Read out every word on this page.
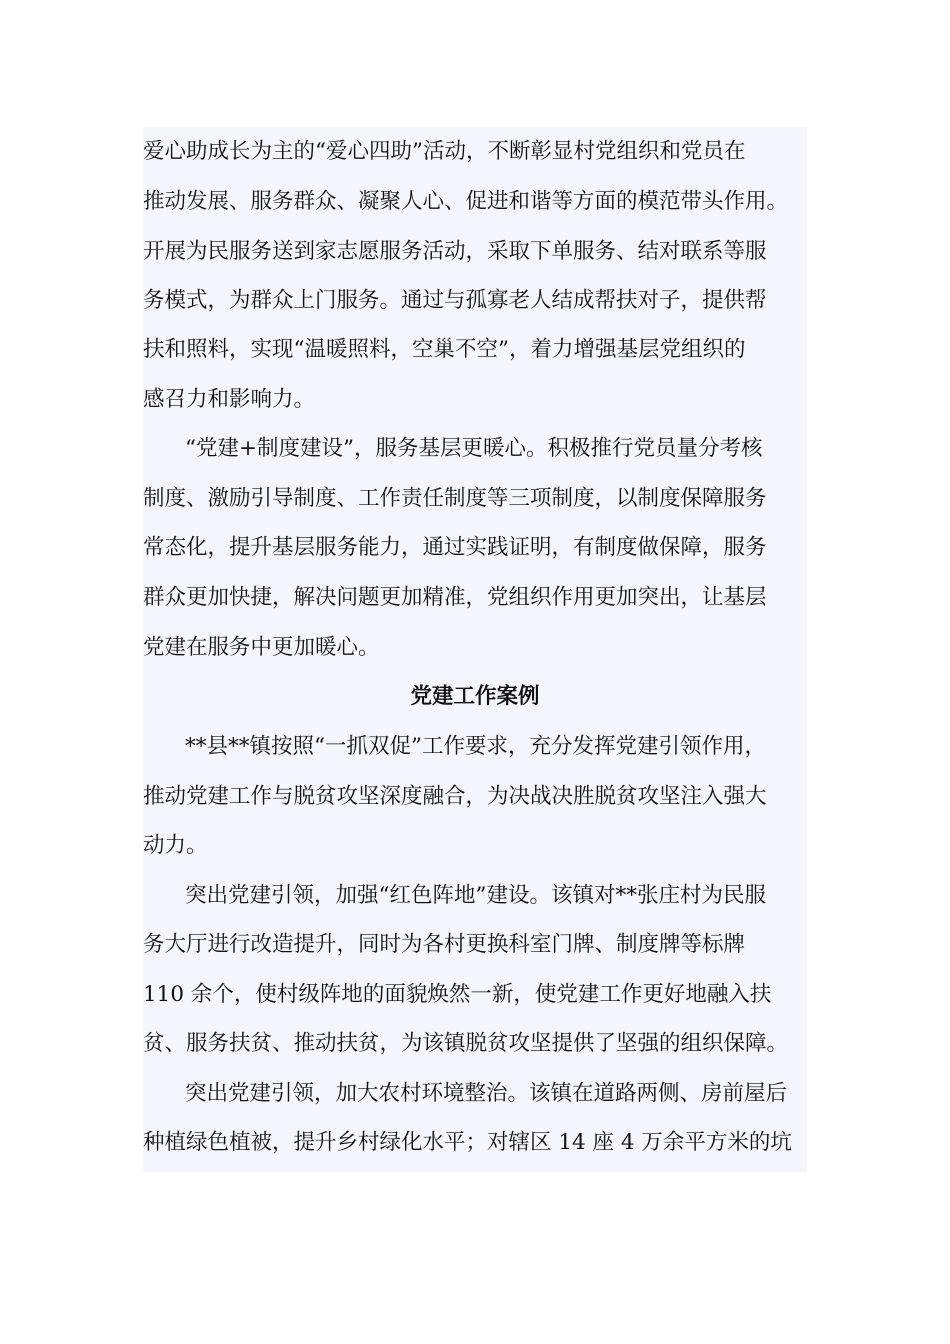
爱心助成长为主的“爱心四助”活动，不断彰显村党组织和党员在
推动发展、服务群众、凝聚人心、促进和谐等方面的模范带头作用。
开展为民服务送到家志愿服务活动，采取下单服务、结对联系等服
务模式，为群众上门服务。通过与孤寡老人结成帮扶对子，提供帮
扶和照料，实现“温暖照料，空巢不空”，着力增强基层党组织的
感召力和影响力。
“党建+制度建设”，服务基层更暖心。积极推行党员量分考核
制度、激励引导制度、工作责任制度等三项制度，以制度保障服务
常态化，提升基层服务能力，通过实践证明，有制度做保障，服务
群众更加快捷，解决问题更加精准，党组织作用更加突出，让基层
党建在服务中更加暖心。
党建工作案例
**县**镇按照“一抓双促”工作要求，充分发挥党建引领作用，
推动党建工作与脱贫攻坚深度融合，为决战决胜脱贫攻坚注入强大
动力。
突出党建引领，加强“红色阵地”建设。该镇对**张庄村为民服
务大厅进行改造提升，同时为各村更换科室门牌、制度牌等标牌
110 余个，使村级阵地的面貌焕然一新，使党建工作更好地融入扶
贫、服务扶贫、推动扶贫，为该镇脱贫攻坚提供了坚强的组织保障。
突出党建引领，加大农村环境整治。该镇在道路两侧、房前屋后
种植绿色植被，提升乡村绿化水平；对辖区 14 座 4 万余平方米的坑
